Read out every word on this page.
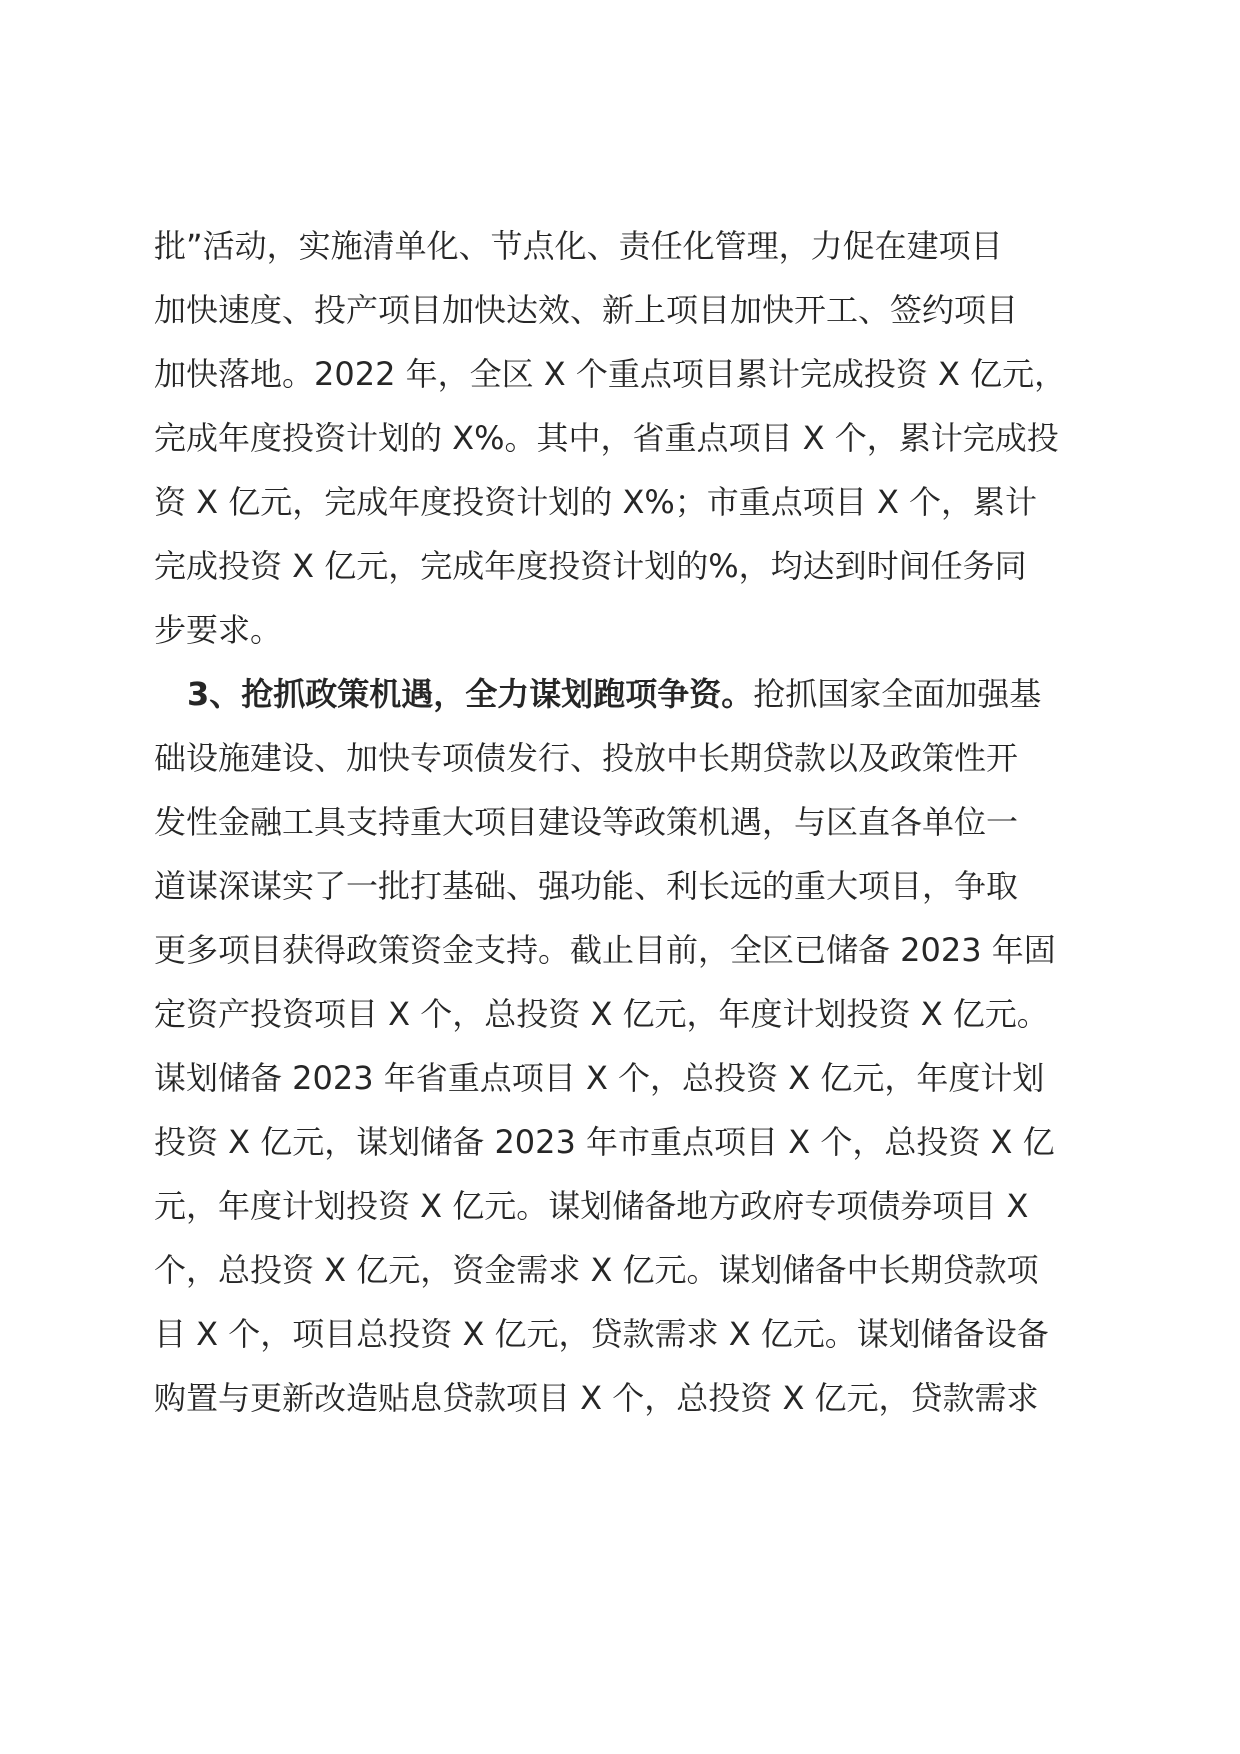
批”活动，实施清单化、节点化、责任化管理，力促在建项目
加快速度、投产项目加快达效、新上项目加快开工、签约项目
加快落地。2022 年，全区 X 个重点项目累计完成投资 X 亿元，
完成年度投资计划的 X%。其中，省重点项目 X 个，累计完成投
资 X 亿元，完成年度投资计划的 X%；市重点项目 X 个，累计
完成投资 X 亿元，完成年度投资计划的%，均达到时间任务同
步要求。
3、抢抓政策机遇，全力谋划跑项争资。抢抓国家全面加强基
础设施建设、加快专项债发行、投放中长期贷款以及政策性开
发性金融工具支持重大项目建设等政策机遇，与区直各单位一
道谋深谋实了一批打基础、强功能、利长远的重大项目，争取
更多项目获得政策资金支持。截止目前，全区已储备 2023 年固
定资产投资项目 X 个，总投资 X 亿元，年度计划投资 X 亿元。
谋划储备 2023 年省重点项目 X 个，总投资 X 亿元，年度计划
投资 X 亿元，谋划储备 2023 年市重点项目 X 个，总投资 X 亿
元，年度计划投资 X 亿元。谋划储备地方政府专项债券项目 X
个，总投资 X 亿元，资金需求 X 亿元。谋划储备中长期贷款项
目 X 个，项目总投资 X 亿元，贷款需求 X 亿元。谋划储备设备
购置与更新改造贴息贷款项目 X 个，总投资 X 亿元，贷款需求
